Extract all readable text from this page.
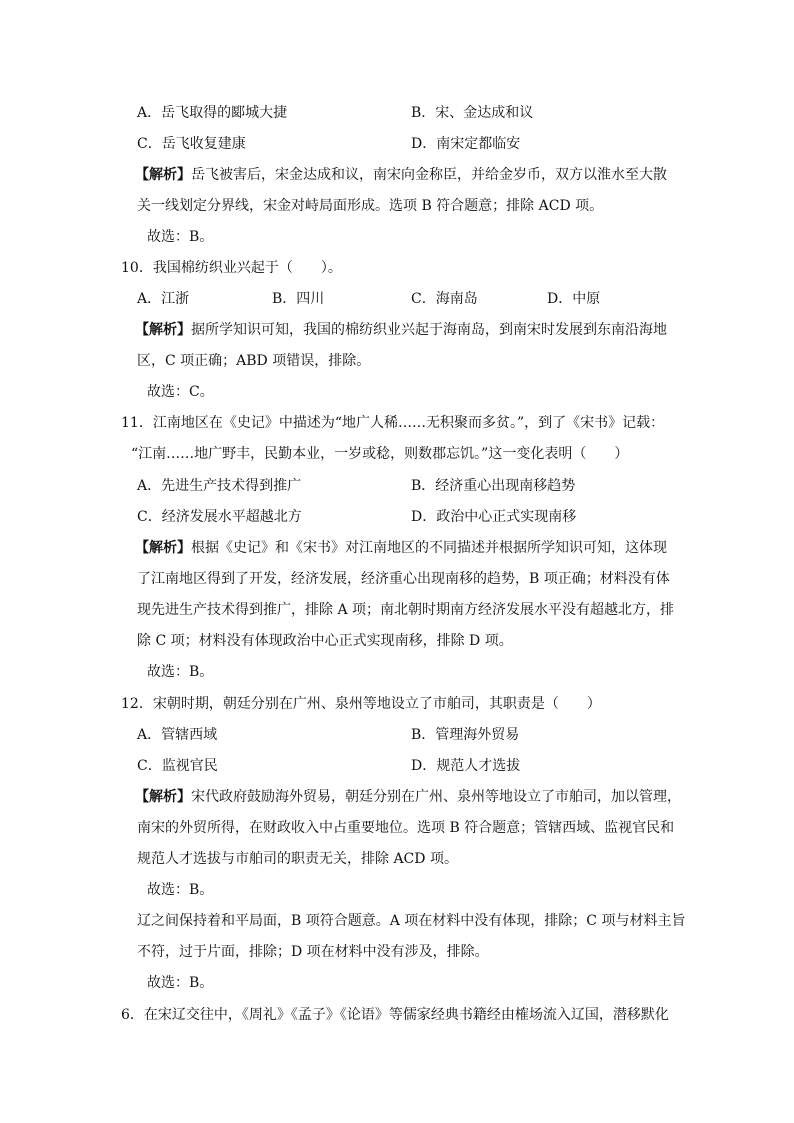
A．岳飞取得的郾城大捷	B．宋、金达成和议
C．岳飞收复建康	D．南宋定都临安
【解析】岳飞被害后，宋金达成和议，南宋向金称臣，并给金岁币，双方以淮水至大散
关一线划定分界线，宋金对峙局面形成。选项 B 符合题意；排除 ACD 项。
故选：B。
10．我国棉纺织业兴起于（　　）。
A．江浙	B．四川	C．海南岛	D．中原
【解析】据所学知识可知，我国的棉纺织业兴起于海南岛，到南宋时发展到东南沿海地
区，C 项正确；ABD 项错误，排除。
故选：C。
11．江南地区在《史记》中描述为“地广人稀……无积聚而多贫。”，到了《宋书》记载：
“江南……地广野丰，民勤本业，一岁或稔，则数郡忘饥。”这一变化表明（　　）
A．先进生产技术得到推广	B．经济重心出现南移趋势
C．经济发展水平超越北方	D．政治中心正式实现南移
【解析】根据《史记》和《宋书》对江南地区的不同描述并根据所学知识可知，这体现
了江南地区得到了开发，经济发展，经济重心出现南移的趋势，B 项正确；材料没有体
现先进生产技术得到推广，排除 A 项；南北朝时期南方经济发展水平没有超越北方，排
除 C 项；材料没有体现政治中心正式实现南移，排除 D 项。
故选：B。
12．宋朝时期，朝廷分别在广州、泉州等地设立了市舶司，其职责是（　　）
A．管辖西域	B．管理海外贸易
C．监视官民	D．规范人才选拔
【解析】宋代政府鼓励海外贸易，朝廷分别在广州、泉州等地设立了市舶司，加以管理，
南宋的外贸所得，在财政收入中占重要地位。选项 B 符合题意；管辖西域、监视官民和
规范人才选拔与市舶司的职责无关，排除 ACD 项。
故选：B。
辽之间保持着和平局面，B 项符合题意。A 项在材料中没有体现，排除；C 项与材料主旨
不符，过于片面，排除；D 项在材料中没有涉及，排除。
故选：B。
6．在宋辽交往中，《周礼》《孟子》《论语》等儒家经典书籍经由榷场流入辽国，潜移默化
